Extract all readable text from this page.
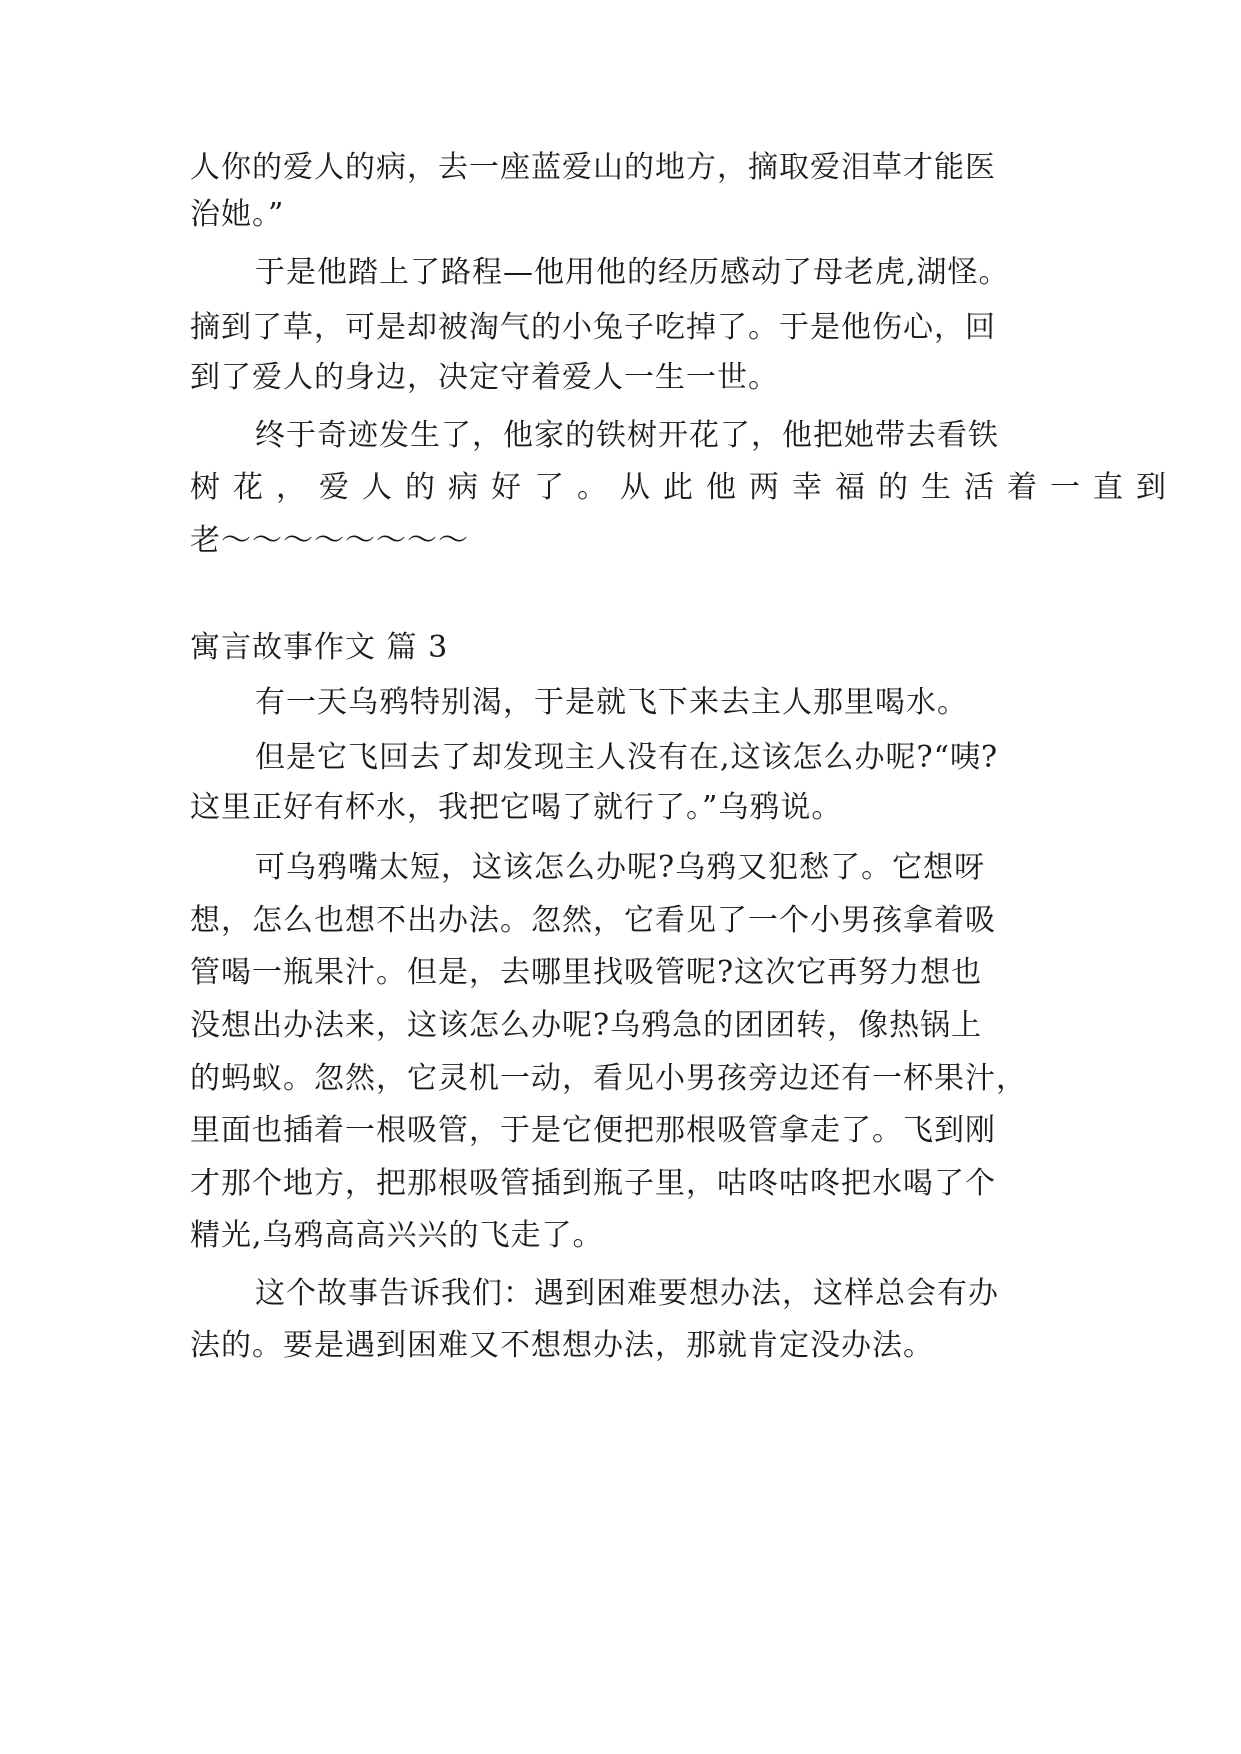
人你的爱人的病，去一座蓝爱山的地方，摘取爱泪草才能医
治她。”
于是他踏上了路程—他用他的经历感动了母老虎,湖怪。
摘到了草，可是却被淘气的小兔子吃掉了。于是他伤心，回
到了爱人的身边，决定守着爱人一生一世。
终于奇迹发生了，他家的铁树开花了，他把她带去看铁
树花，爱人的病好了。从此他两幸福的生活着一直到
老～～～～～～～～
寓言故事作文 篇 3
有一天乌鸦特别渴，于是就飞下来去主人那里喝水。
但是它飞回去了却发现主人没有在,这该怎么办呢?“咦?
这里正好有杯水，我把它喝了就行了。”乌鸦说。
可乌鸦嘴太短，这该怎么办呢?乌鸦又犯愁了。它想呀
想，怎么也想不出办法。忽然，它看见了一个小男孩拿着吸
管喝一瓶果汁。但是，去哪里找吸管呢?这次它再努力想也
没想出办法来，这该怎么办呢?乌鸦急的团团转，像热锅上
的蚂蚁。忽然，它灵机一动，看见小男孩旁边还有一杯果汁，
里面也插着一根吸管，于是它便把那根吸管拿走了。飞到刚
才那个地方，把那根吸管插到瓶子里，咕咚咕咚把水喝了个
精光,乌鸦高高兴兴的飞走了。
这个故事告诉我们：遇到困难要想办法，这样总会有办
法的。要是遇到困难又不想想办法，那就肯定没办法。
